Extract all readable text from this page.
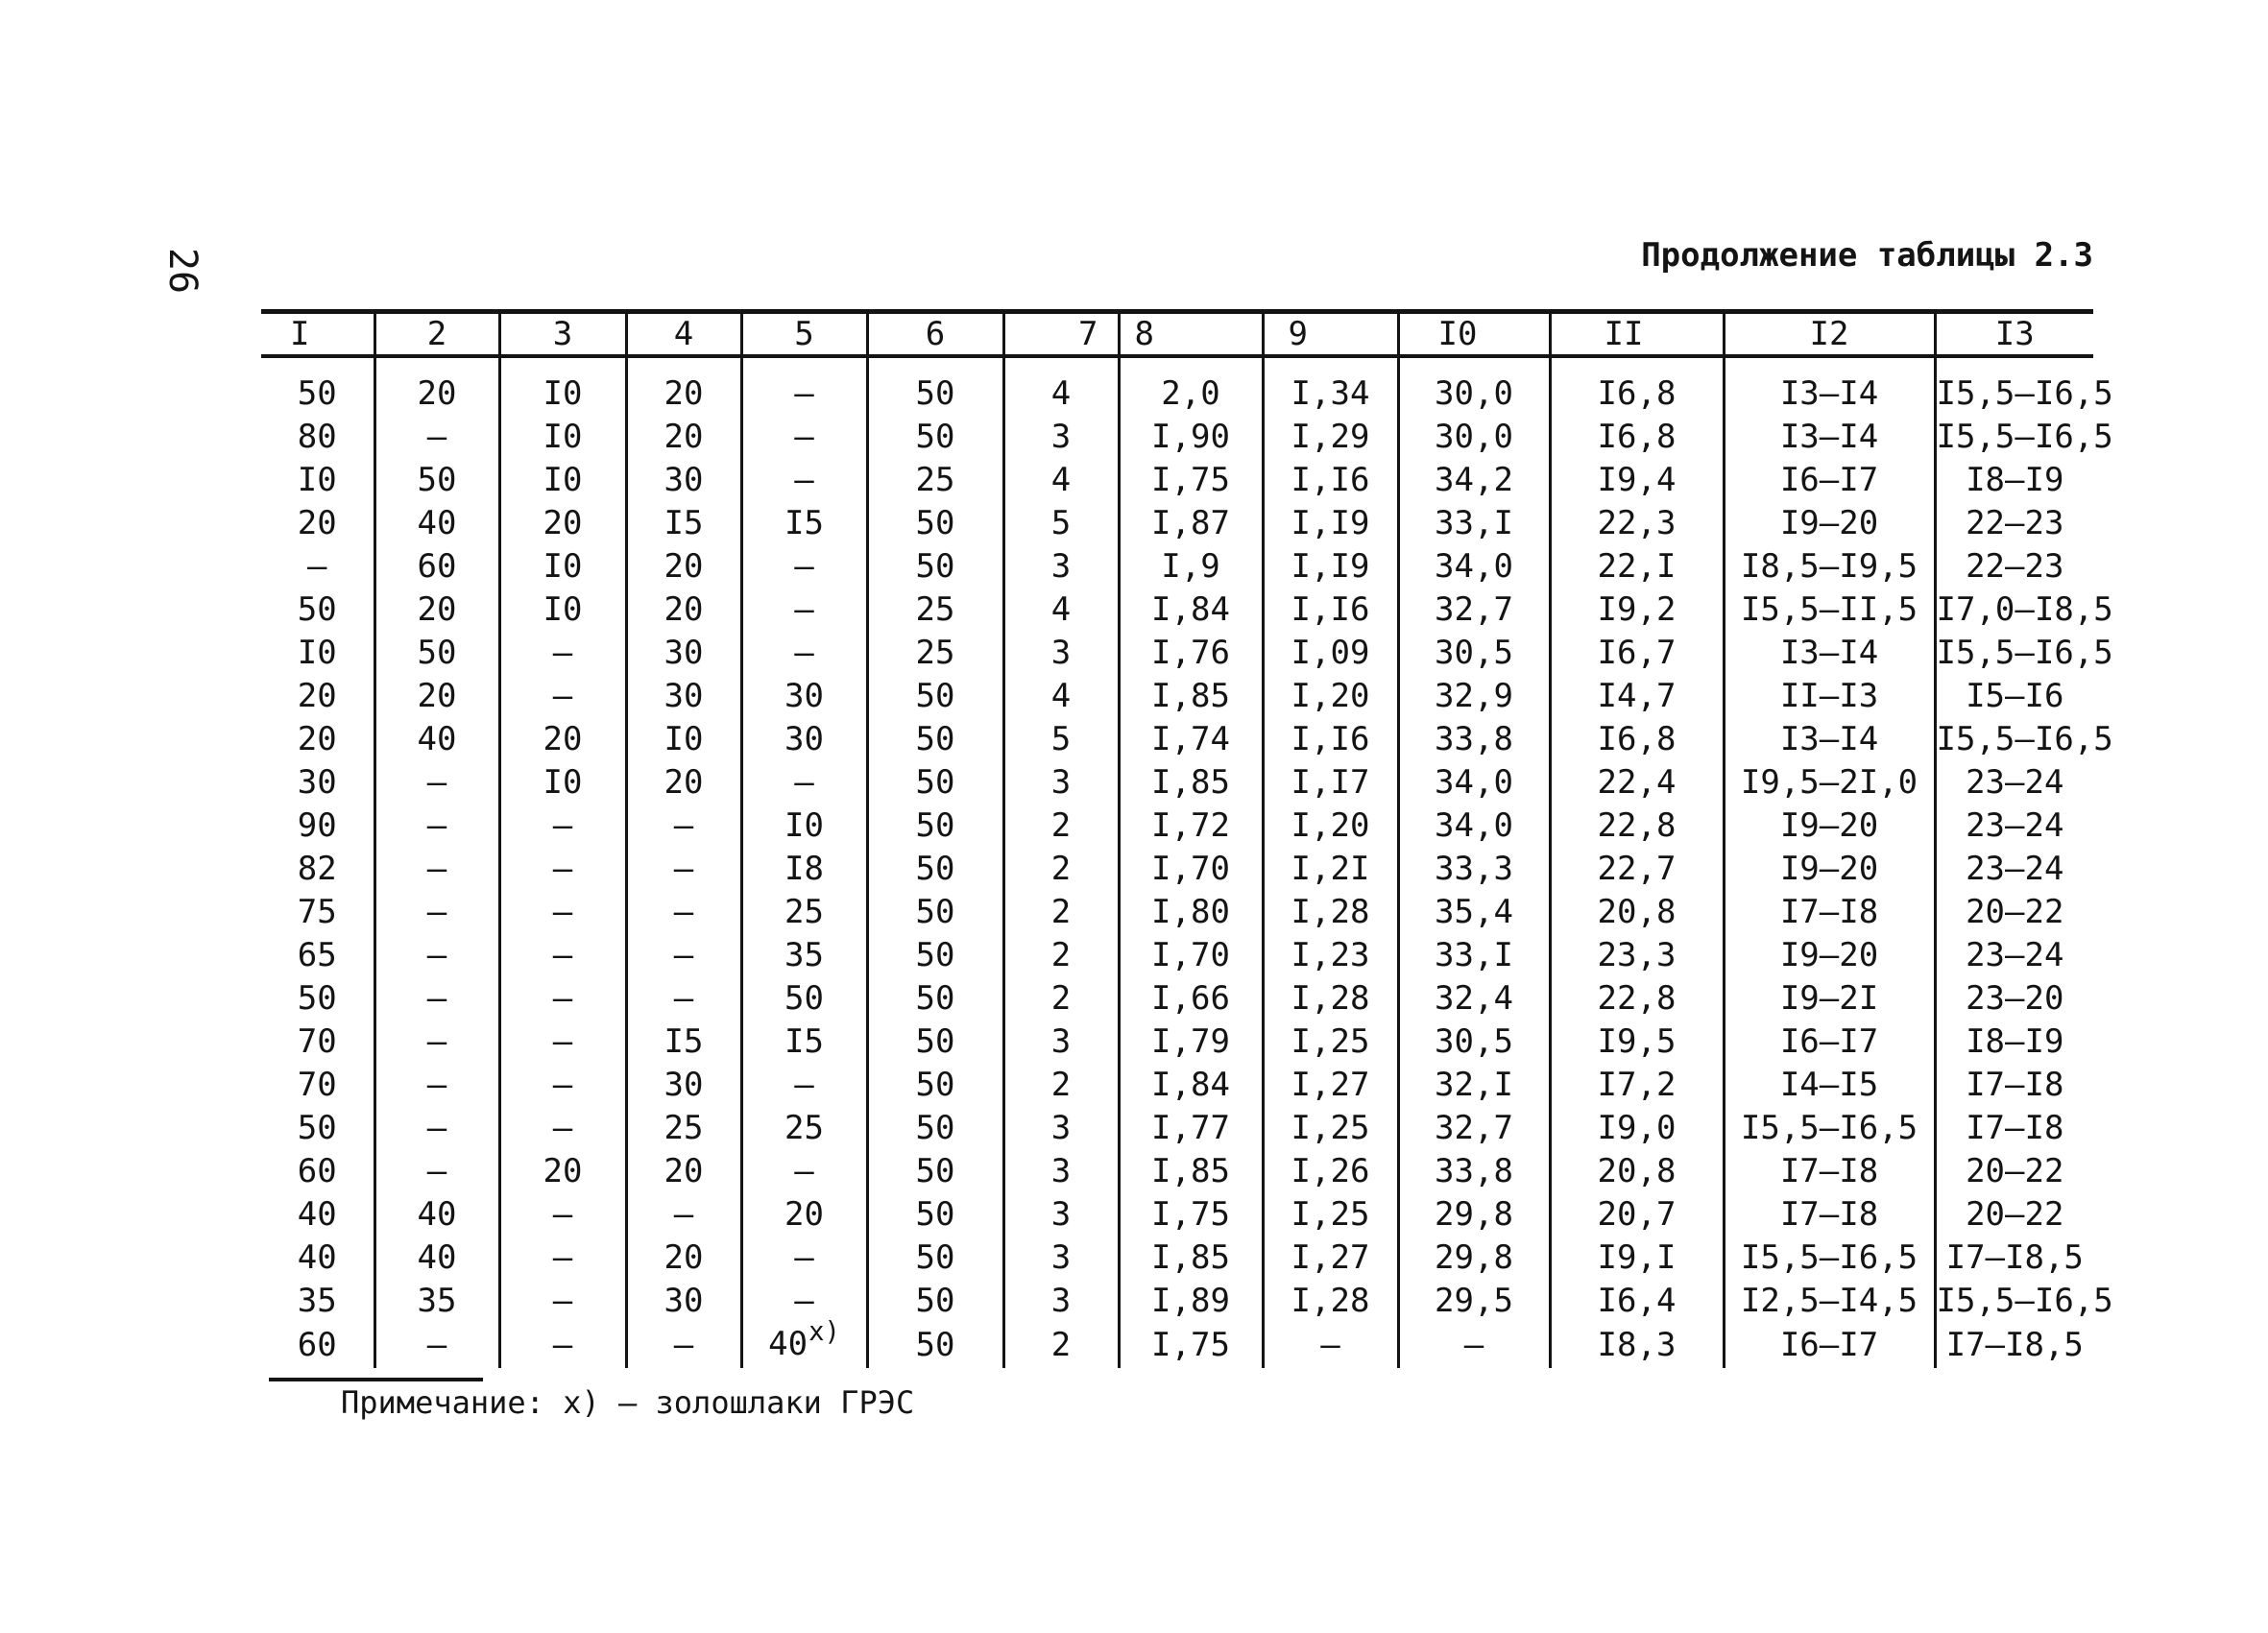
26	Продолжение таблицы 2.3
I	2	3	4	5	6	7	8	9	I0	II	I2	I3
50	20	I0	20	–	50	4	2,0	I,34	30,0	I6,8	I3–I4	I5,5–I6,5
80	–	I0	20	–	50	3	I,90	I,29	30,0	I6,8	I3–I4	I5,5–I6,5
I0	50	I0	30	–	25	4	I,75	I,I6	34,2	I9,4	I6–I7	I8–I9
20	40	20	I5	I5	50	5	I,87	I,I9	33,I	22,3	I9–20	22–23
–	60	I0	20	–	50	3	I,9	I,I9	34,0	22,I	I8,5–I9,5	22–23
50	20	I0	20	–	25	4	I,84	I,I6	32,7	I9,2	I5,5–II,5	I7,0–I8,5
I0	50	–	30	–	25	3	I,76	I,09	30,5	I6,7	I3–I4	I5,5–I6,5
20	20	–	30	30	50	4	I,85	I,20	32,9	I4,7	II–I3	I5–I6
20	40	20	I0	30	50	5	I,74	I,I6	33,8	I6,8	I3–I4	I5,5–I6,5
30	–	I0	20	–	50	3	I,85	I,I7	34,0	22,4	I9,5–2I,0	23–24
90	–	–	–	I0	50	2	I,72	I,20	34,0	22,8	I9–20	23–24
82	–	–	–	I8	50	2	I,70	I,2I	33,3	22,7	I9–20	23–24
75	–	–	–	25	50	2	I,80	I,28	35,4	20,8	I7–I8	20–22
65	–	–	–	35	50	2	I,70	I,23	33,I	23,3	I9–20	23–24
50	–	–	–	50	50	2	I,66	I,28	32,4	22,8	I9–2I	23–20
70	–	–	I5	I5	50	3	I,79	I,25	30,5	I9,5	I6–I7	I8–I9
70	–	–	30	–	50	2	I,84	I,27	32,I	I7,2	I4–I5	I7–I8
50	–	–	25	25	50	3	I,77	I,25	32,7	I9,0	I5,5–I6,5	I7–I8
60	–	20	20	–	50	3	I,85	I,26	33,8	20,8	I7–I8	20–22
40	40	–	–	20	50	3	I,75	I,25	29,8	20,7	I7–I8	20–22
40	40	–	20	–	50	3	I,85	I,27	29,8	I9,I	I5,5–I6,5	I7–I8,5
35	35	–	30	–	50	3	I,89	I,28	29,5	I6,4	I2,5–I4,5	I5,5–I6,5
60	–	–	–	40$^{x)}$	50	2	I,75	–	–	I8,3	I6–I7	I7–I8,5
Примечание: x) – золошлаки ГРЭС
